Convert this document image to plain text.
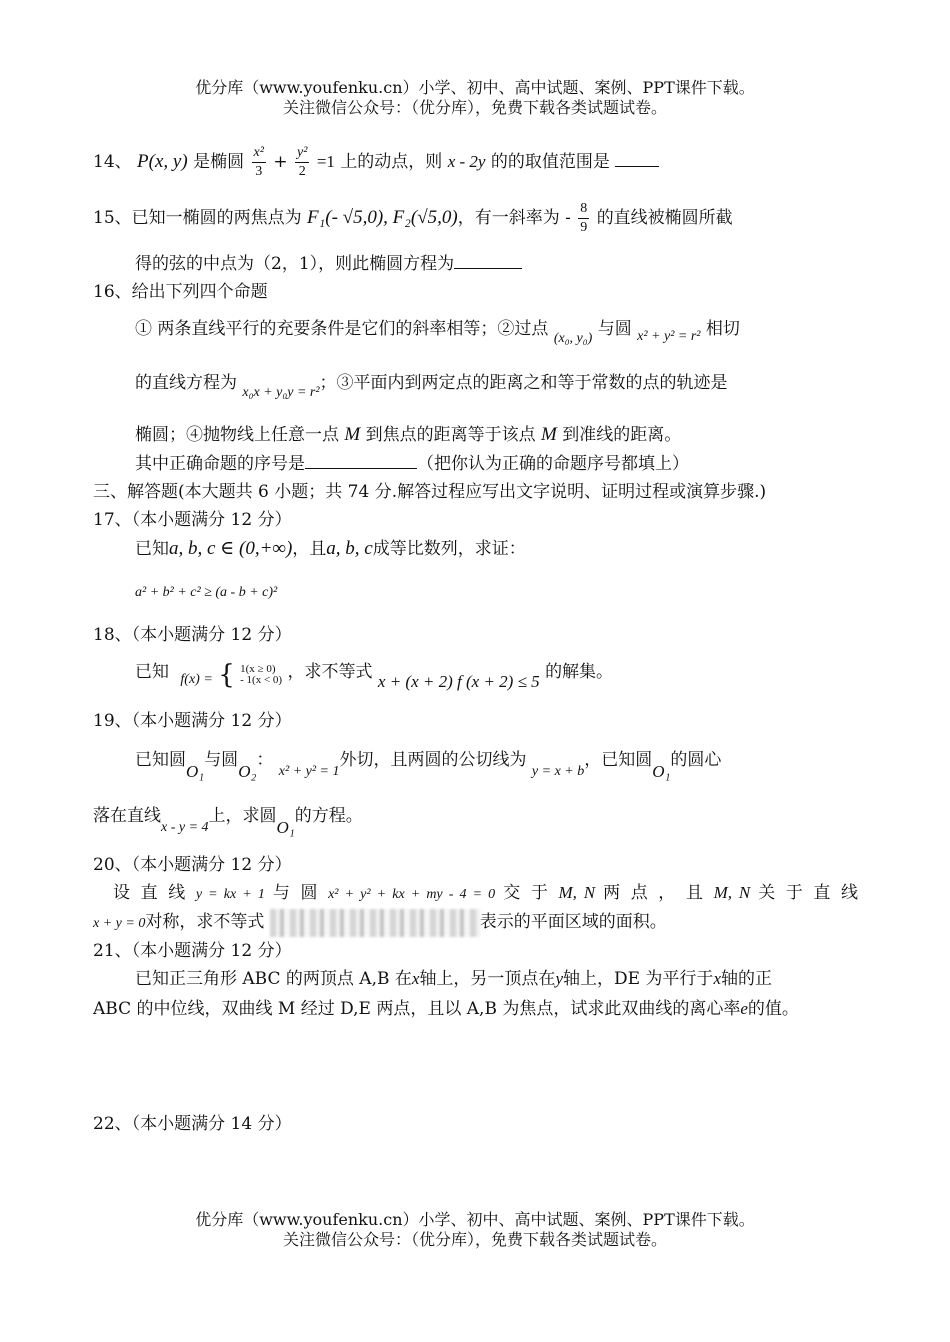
优分库（www.youfenku.cn）小学、初中、高中试题、案例、PPT课件下载。
关注微信公众号：（优分库），免费下载各类试题试卷。
14、 P(x, y) 是椭圆 $\frac{\text{x²}}{3} + \frac{\text{y²}}{2} =1$ 上的动点，则 x - 2y 的的取值范围是
15、已知一椭圆的两焦点为 F₁(- √5,0), F₂(√5,0)，有一斜率为 - $\frac{8}{9}$ 的直线被椭圆所截
得的弦的中点为（2，1），则此椭圆方程为
16、给出下列四个命题
① 两条直线平行的充要条件是它们的斜率相等；②过点 $_{(x_0, y_0)}$ 与圆 $_{x^2 + y^2 = r^2}$ 相切
的直线方程为 $_{x_0x + y_0y = r^2}$；③平面内到两定点的距离之和等于常数的点的轨迹是
椭圆；④抛物线上任意一点 M 到焦点的距离等于该点 M 到准线的距离。
其中正确命题的序号是	（把你认为正确的命题序号都填上）
三、解答题(本大题共 6 小题；共 74 分.解答过程应写出文字说明、证明过程或演算步骤.)
17、（本小题满分 12 分）
已知a, b, c ∈ (0,+∞)，且a, b, c成等比数列，求证：
a² + b² + c² ≥ (a - b + c)²
18、（本小题满分 12 分）
已知 $_{f(x) =}$ { 1(x ≥ 0)
- 1(x < 0) ，求不等式 x + (x + 2) f (x + 2) ≤ 5 的解集。
19、（本小题满分 12 分）
已知圆O₁与圆O₂： $_{x^2 + y^2 = 1}$外切，且两圆的公切线为 $_{y = x + b}$，已知圆O₁的圆心
落在直线$_{x - y = 4}$上，求圆O₁的方程。
20、（本小题满分 12 分）
设 直 线 y = kx + 1 与 圆 x² + y² + kx + my - 4 = 0 交 于 M, N 两 点 ， 且 M, N 关 于 直 线
x + y = 0对称，求不等式	表示的平面区域的面积。
21、（本小题满分 12 分）
已知正三角形 ABC 的两顶点 A,B 在x轴上，另一顶点在y轴上，DE 为平行于x轴的正
ABC 的中位线，双曲线 M 经过 D,E 两点，且以 A,B 为焦点，试求此双曲线的离心率e的值。
22、（本小题满分 14 分）
优分库（www.youfenku.cn）小学、初中、高中试题、案例、PPT课件下载。
关注微信公众号：（优分库），免费下载各类试题试卷。
